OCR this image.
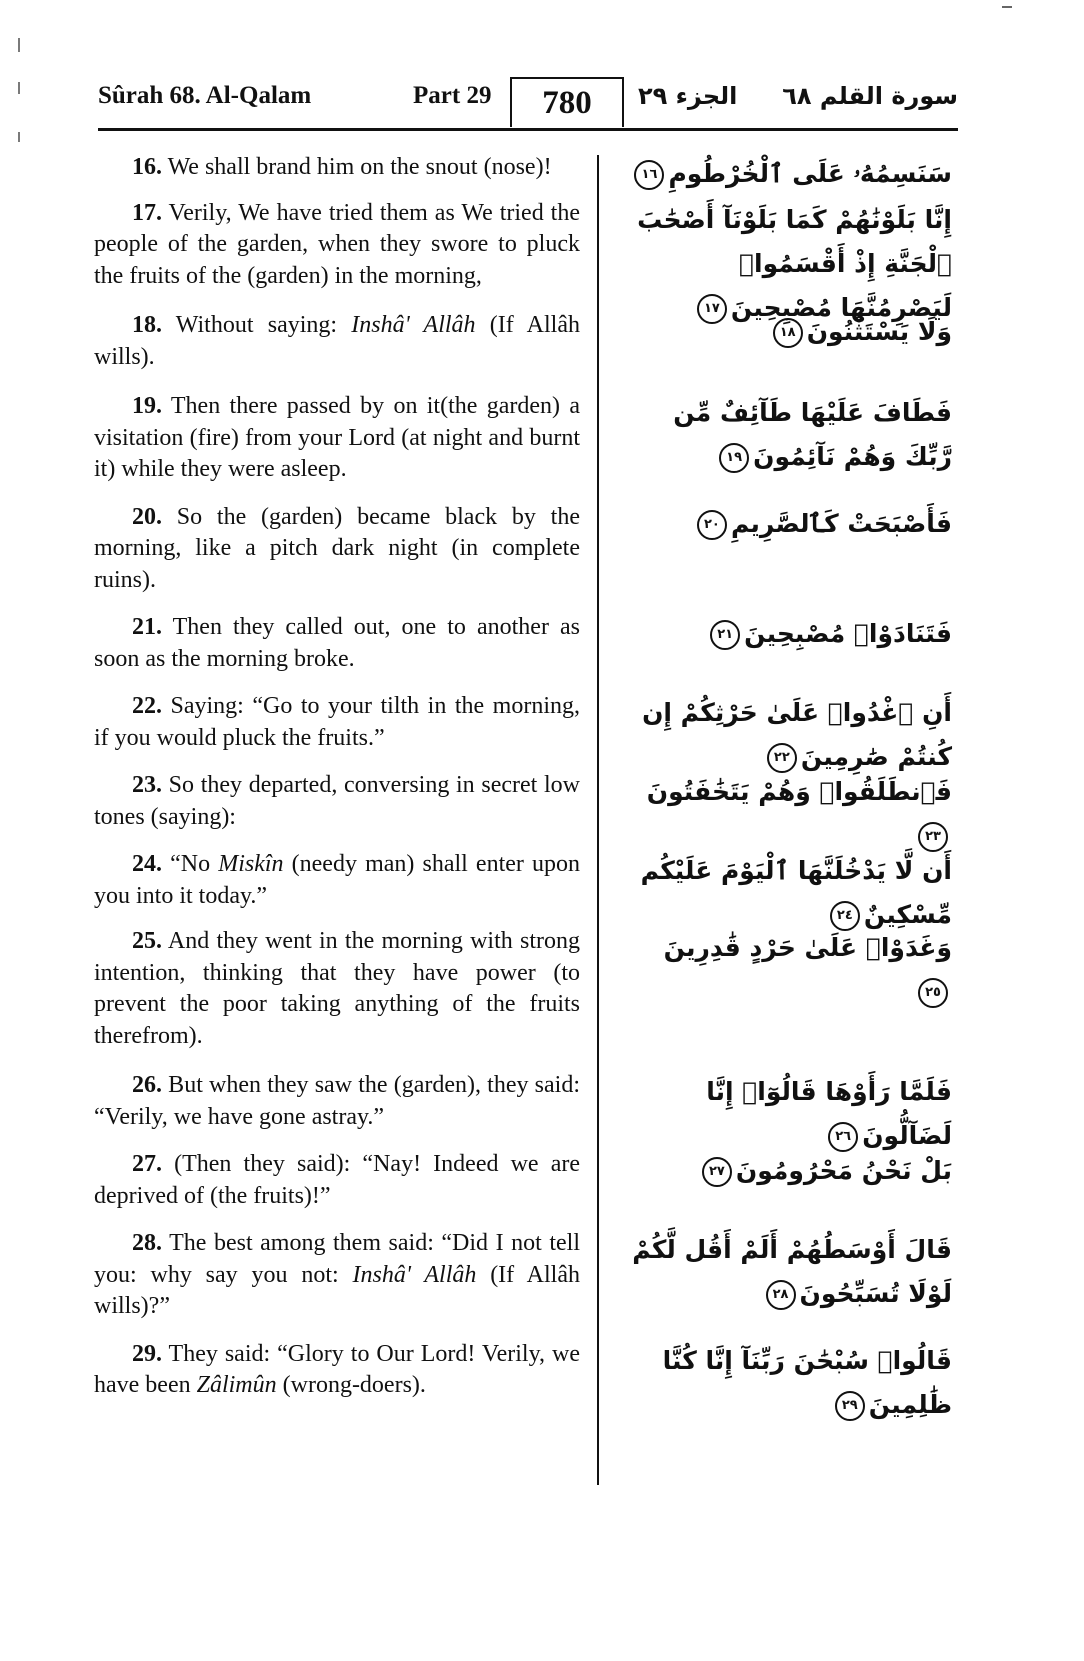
Sûrah 68. Al-Qalam	Part 29	780	الجزء ٢٩ سورة القلم ٦٨
16. We shall brand him on the snout (nose)!	سَنَسِمُهُۥ عَلَى ٱلْخُرْطُومِ١٦
17. Verily, We have tried them as We tried the people of the garden, when they swore to pluck the fruits of the (garden) in the morning,
إِنَّا بَلَوْنَٰهُمْ كَمَا بَلَوْنَآ أَصْحَٰبَ ٱلْجَنَّةِ إِذْ أَقْسَمُوا۟ لَيَصْرِمُنَّهَا مُصْبِحِينَ١٧
18. Without saying: Inshâ' Allâh (If Allâh wills).
وَلَا يَسْتَثْنُونَ١٨
19. Then there passed by on it(the garden) a visitation (fire) from your Lord (at night and burnt it) while they were asleep.
فَطَافَ عَلَيْهَا طَآئِفٌ مِّن رَّبِّكَ وَهُمْ نَآئِمُونَ١٩
20. So the (garden) became black by the morning, like a pitch dark night (in complete ruins).
فَأَصْبَحَتْ كَٱلصَّرِيمِ٢٠
21. Then they called out, one to another as soon as the morning broke.
فَتَنَادَوْا۟ مُصْبِحِينَ٢١
22. Saying: “Go to your tilth in the morning, if you would pluck the fruits.”
أَنِ ٱغْدُوا۟ عَلَىٰ حَرْثِكُمْ إِن كُنتُمْ صَٰرِمِينَ٢٢
23. So they departed, conversing in secret low tones (saying):
فَٱنطَلَقُوا۟ وَهُمْ يَتَخَٰفَتُونَ٢٣
24. “No Miskîn (needy man) shall enter upon you into it today.”
أَن لَّا يَدْخُلَنَّهَا ٱلْيَوْمَ عَلَيْكُم مِّسْكِينٌ٢٤
25. And they went in the morning with strong intention, thinking that they have power (to prevent the poor taking anything of the fruits therefrom).
وَغَدَوْا۟ عَلَىٰ حَرْدٍ قَٰدِرِينَ٢٥
26. But when they saw the (garden), they said: “Verily, we have gone astray.”
فَلَمَّا رَأَوْهَا قَالُوٓا۟ إِنَّا لَضَآلُّونَ٢٦
27. (Then they said): “Nay! Indeed we are deprived of (the fruits)!”
بَلْ نَحْنُ مَحْرُومُونَ٢٧
28. The best among them said: “Did I not tell you: why say you not: Inshâ' Allâh (If Allâh wills)?”
قَالَ أَوْسَطُهُمْ أَلَمْ أَقُل لَّكُمْ لَوْلَا تُسَبِّحُونَ٢٨
29. They said: “Glory to Our Lord! Verily, we have been Zâlimûn (wrong-doers).
قَالُوا۟ سُبْحَٰنَ رَبِّنَآ إِنَّا كُنَّا ظَٰلِمِينَ٢٩
